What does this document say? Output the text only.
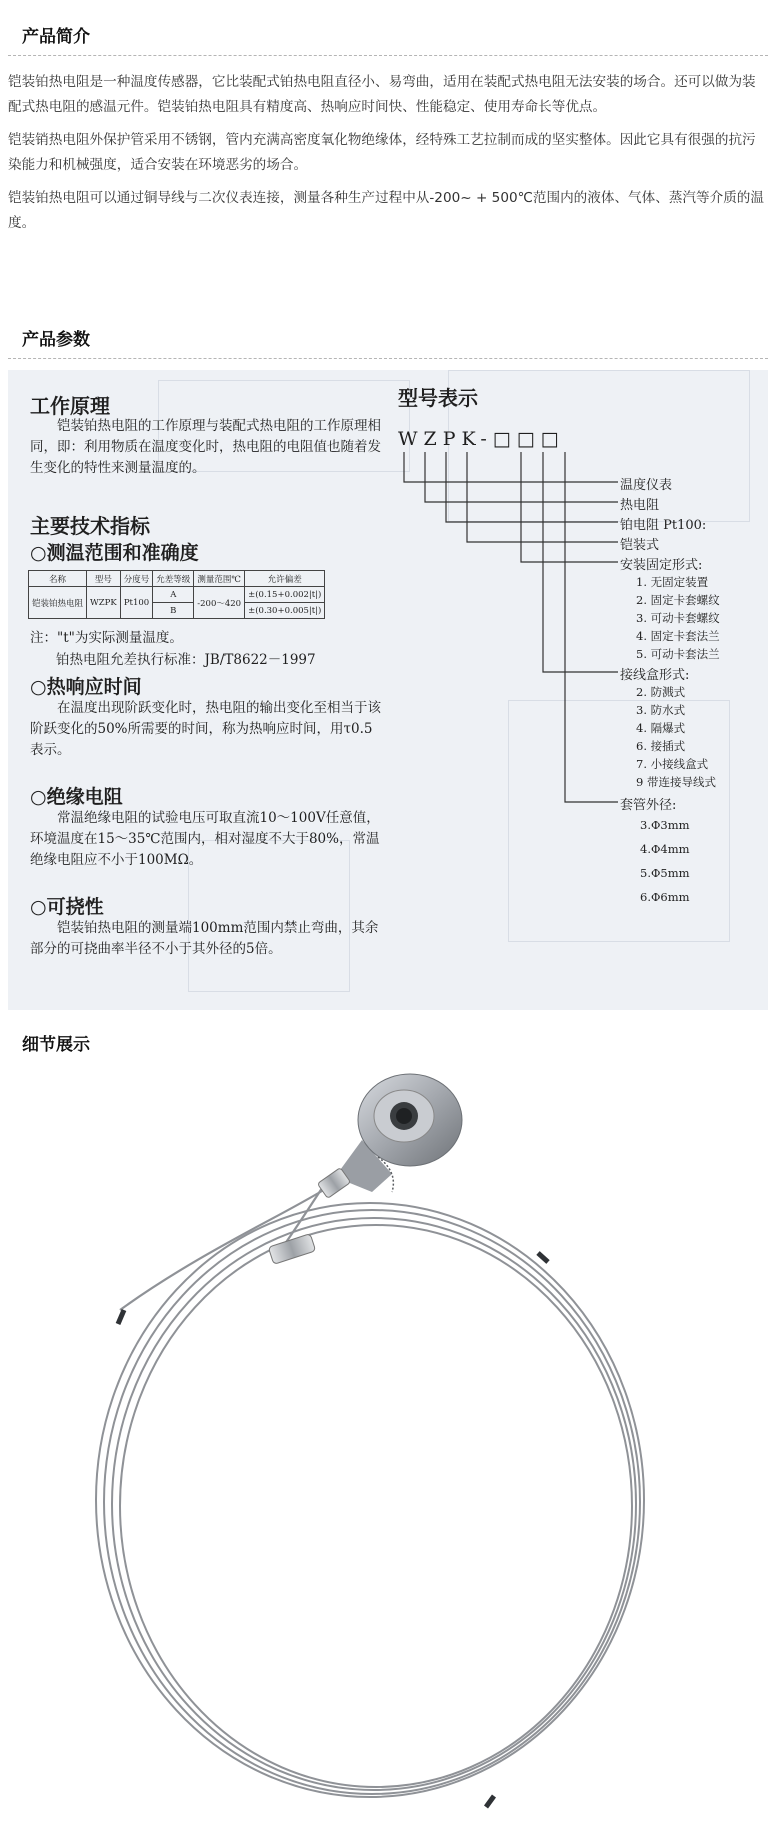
产品简介

铠装铂热电阻是一种温度传感器，它比装配式铂热电阻直径小、易弯曲，适用在装配式热电阻无法安装的场合。还可以做为装配式热电阻的感温元件。铠装铂热电阻具有精度高、热响应时间快、性能稳定、使用寿命长等优点。

铠装销热电阻外保护管采用不锈钢，管内充满高密度氧化物绝缘体，经特殊工艺拉制而成的坚实整体。因此它具有很强的抗污染能力和机械强度，适合安装在环境恶劣的场合。

铠装铂热电阻可以通过铜导线与二次仪表连接，测量各种生产过程中从-200~ + 500℃范围内的液体、气体、蒸汽等介质的温度。

产品参数
工作原理
铠装铂热电阻的工作原理与装配式热电阻的工作原理相同，即：利用物质在温度变化时，热电阻的电阻值也随着发生变化的特性来测量温度的。
主要技术指标
○测温范围和准确度
名称	型号	分度号	允差等级	测量范围℃	允许偏差
铠装铂热电阻	WZPK	Pt100	A	-200～420	±(0.15+0.002|t|)
			B		±(0.30+0.005|t|)
注："t"为实际测量温度。
铂热电阻允差执行标准：JB/T8622－1997
○热响应时间
在温度出现阶跃变化时，热电阻的输出变化至相当于该阶跃变化的50%所需要的时间，称为热响应时间，用τ0.5表示。
○绝缘电阻
常温绝缘电阻的试验电压可取直流10～100V任意值，环境温度在15～35℃范围内，相对湿度不大于80%，常温绝缘电阻应不小于100MΩ。
○可挠性
铠装铂热电阻的测量端100mm范围内禁止弯曲，其余部分的可挠曲率半径不小于其外径的5倍。
型号表示
WZPK-□□□
温度仪表
热电阻
铂电阻 Pt100:
铠装式
安装固定形式:
1. 无固定装置
2. 固定卡套螺纹
3. 可动卡套螺纹
4. 固定卡套法兰
5. 可动卡套法兰
接线盒形式:
2. 防溅式
3. 防水式
4. 隔爆式
6. 接插式
7. 小接线盒式
9 带连接导线式
套管外径:
3.Φ3mm
4.Φ4mm
5.Φ5mm
6.Φ6mm
细节展示
